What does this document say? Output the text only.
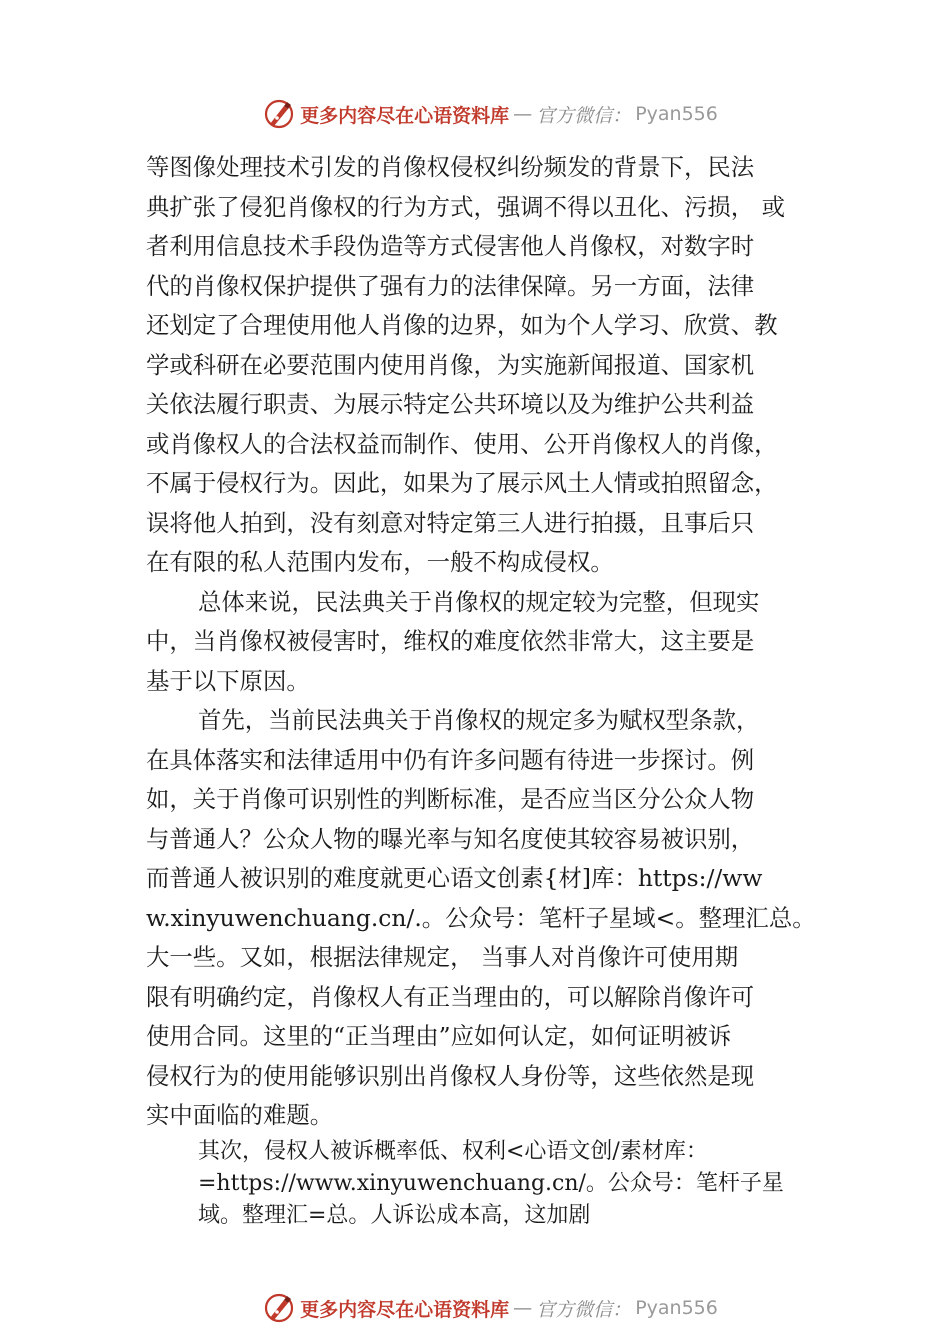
更多内容尽在心语资料库 — 官方微信： Pyan556
等图像处理技术引发的肖像权侵权纠纷频发的背景下，民法
典扩张了侵犯肖像权的行为方式，强调不得以丑化、污损， 或
者利用信息技术手段伪造等方式侵害他人肖像权，对数字时
代的肖像权保护提供了强有力的法律保障。另一方面，法律
还划定了合理使用他人肖像的边界，如为个人学习、欣赏、教
学或科研在必要范围内使用肖像，为实施新闻报道、国家机
关依法履行职责、为展示特定公共环境以及为维护公共利益
或肖像权人的合法权益而制作、使用、公开肖像权人的肖像，
不属于侵权行为。因此，如果为了展示风土人情或拍照留念，
误将他人拍到，没有刻意对特定第三人进行拍摄，且事后只
在有限的私人范围内发布，一般不构成侵权。
总体来说，民法典关于肖像权的规定较为完整，但现实
中，当肖像权被侵害时，维权的难度依然非常大，这主要是
基于以下原因。
首先，当前民法典关于肖像权的规定多为赋权型条款，
在具体落实和法律适用中仍有许多问题有待进一步探讨。例
如，关于肖像可识别性的判断标准，是否应当区分公众人物
与普通人？公众人物的曝光率与知名度使其较容易被识别，
而普通人被识别的难度就更心语文创素{材]库：https://ww
w.xinyuwenchuang.cn/.。公众号：笔杆子星域<。整理汇总。
大一些。又如，根据法律规定， 当事人对肖像许可使用期
限有明确约定，肖像权人有正当理由的，可以解除肖像许可
使用合同。这里的“正当理由”应如何认定，如何证明被诉
侵权行为的使用能够识别出肖像权人身份等，这些依然是现
实中面临的难题。
其次，侵权人被诉概率低、权利<心语文创/素材库：
=https://www.xinyuwenchuang.cn/。公众号：笔杆子星
域。整理汇=总。人诉讼成本高，这加剧
更多内容尽在心语资料库 — 官方微信： Pyan556
